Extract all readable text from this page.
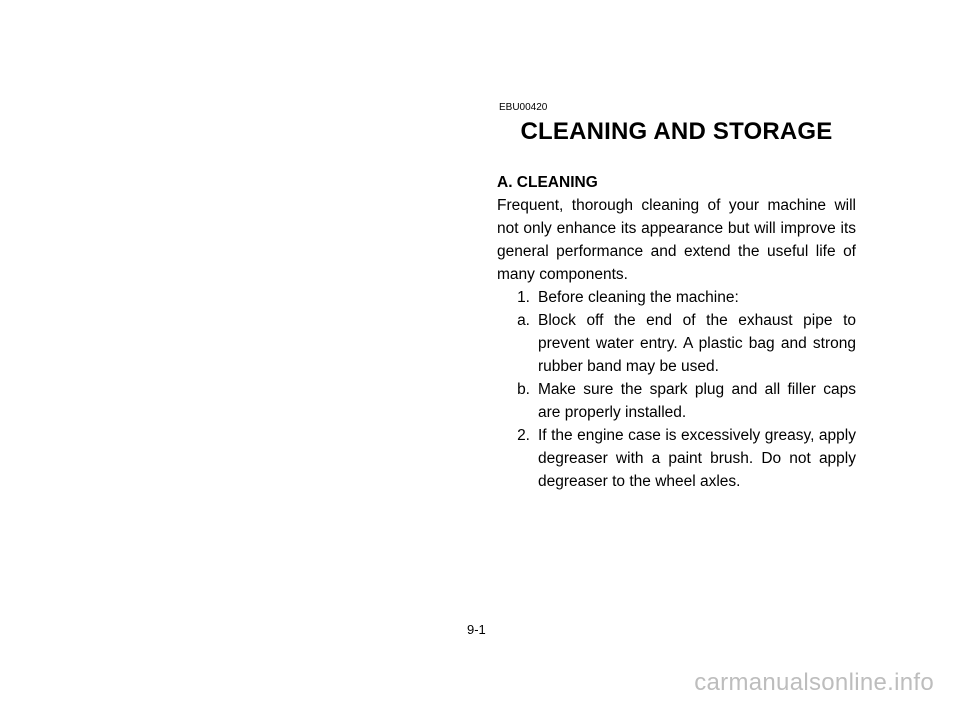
EBU00420
CLEANING AND STORAGE

A. CLEANING

Frequent, thorough cleaning of your machine will not only enhance its appearance but will improve its general performance and extend the useful life of many components.

1. Before cleaning the machine:
a. Block off the end of the exhaust pipe to prevent water entry. A plastic bag and strong rubber band may be used.
b. Make sure the spark plug and all filler caps are properly installed.
2. If the engine case is excessively greasy, apply degreaser with a paint brush. Do not apply degreaser to the wheel axles.
9-1
carmanualsonline.info
